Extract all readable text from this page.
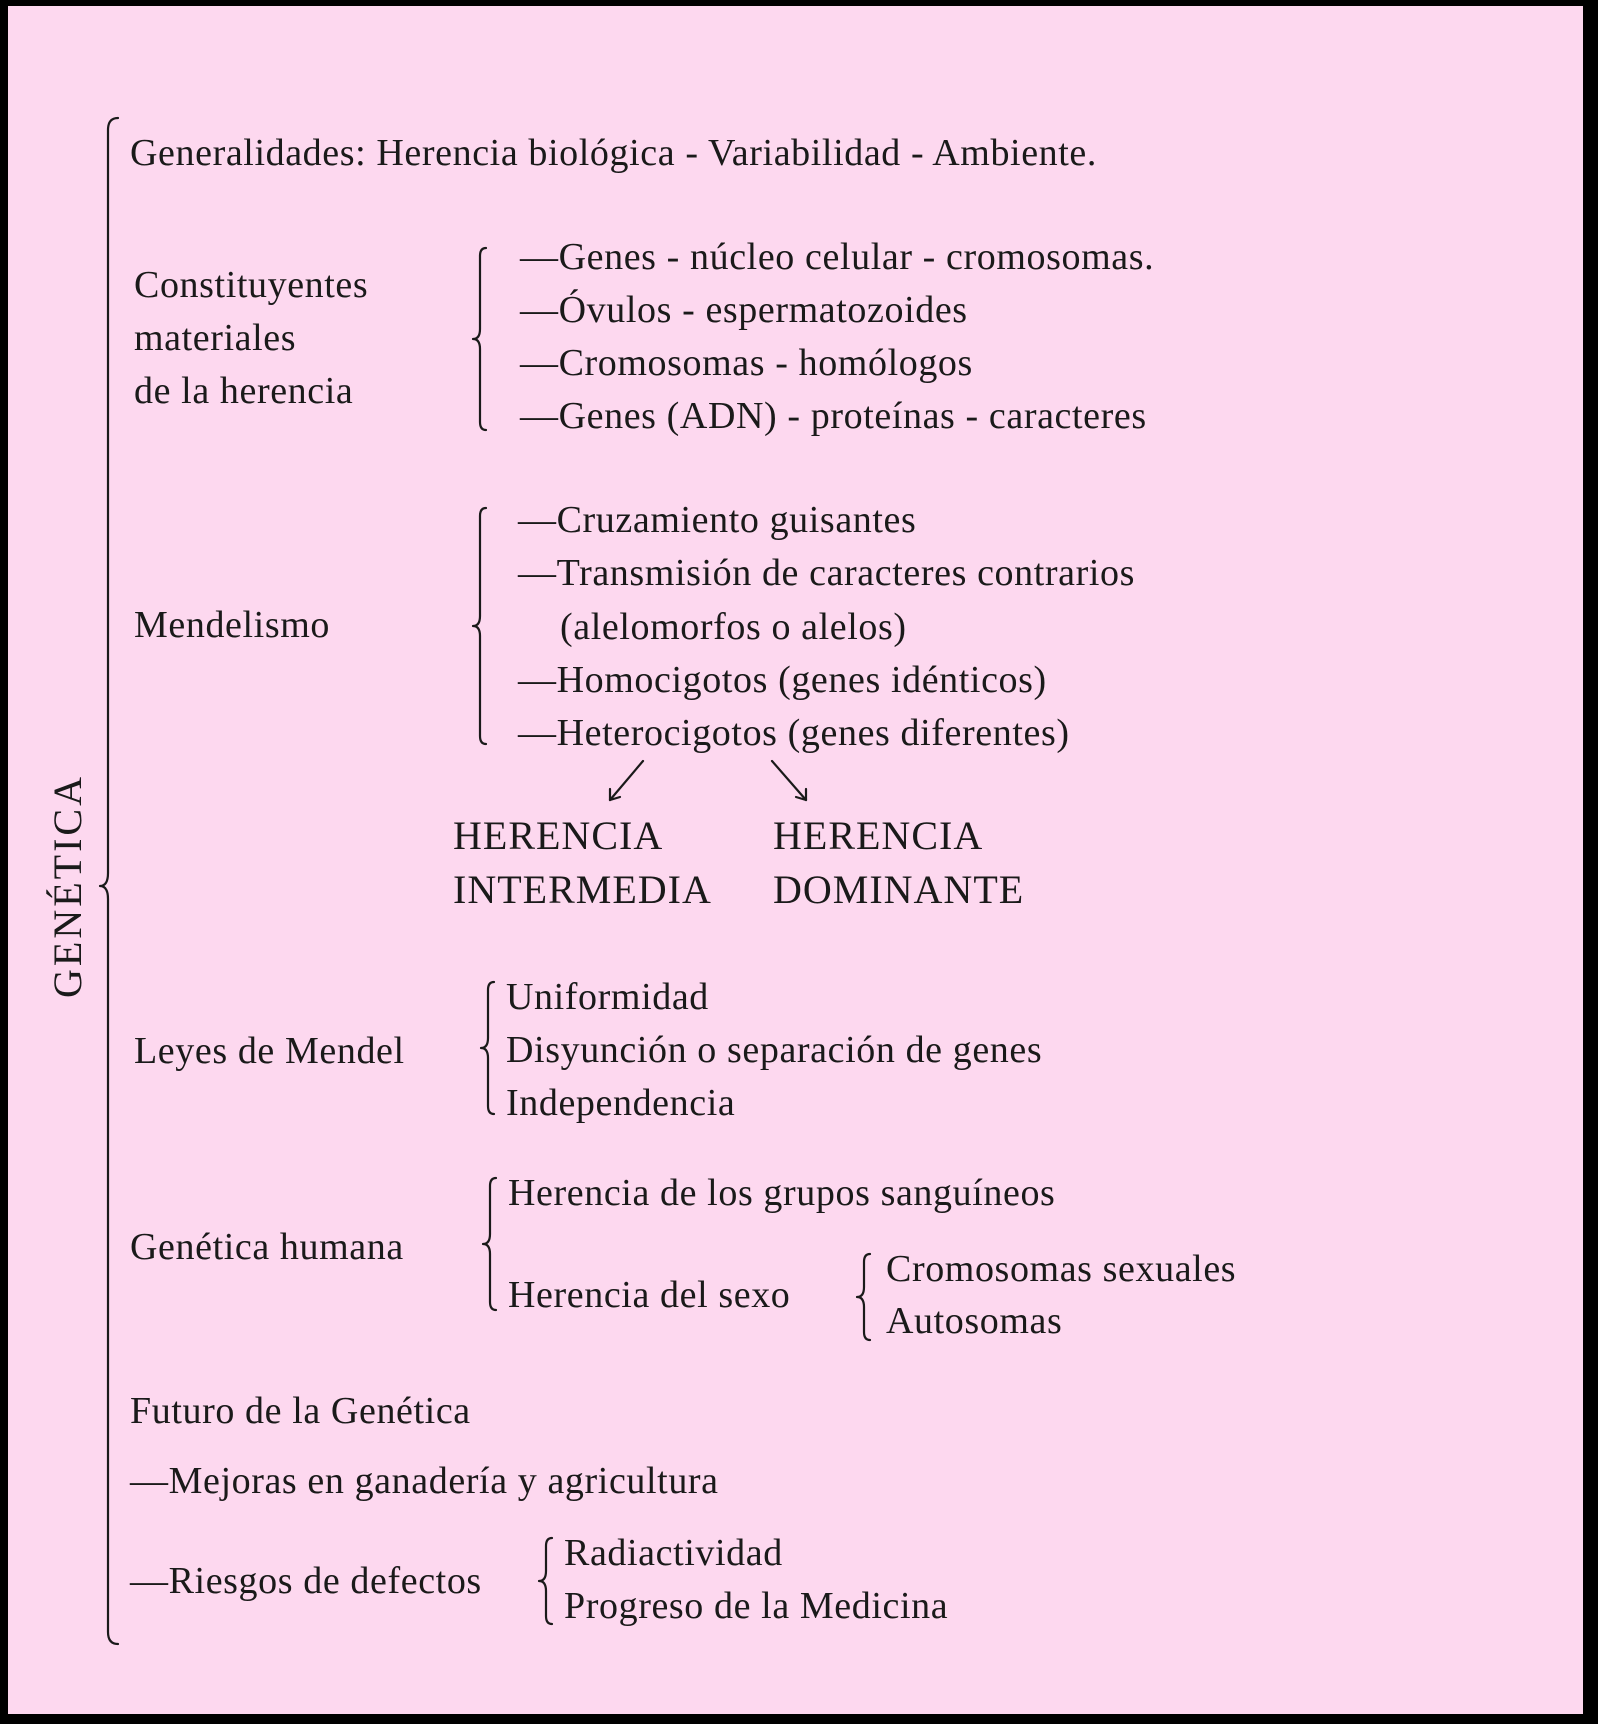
GENÉTICA
Generalidades: Herencia biológica - Variabilidad - Ambiente.
Constituyentes
materiales
de la herencia
—Genes - núcleo celular - cromosomas.
—Óvulos - espermatozoides
—Cromosomas - homólogos
—Genes (ADN) - proteínas - caracteres
Mendelismo
—Cruzamiento guisantes
—Transmisión de caracteres contrarios
(alelomorfos o alelos)
—Homocigotos (genes idénticos)
—Heterocigotos (genes diferentes)
HERENCIA
INTERMEDIA
HERENCIA
DOMINANTE
Leyes de Mendel
Uniformidad
Disyunción o separación de genes
Independencia
Genética humana
Herencia de los grupos sanguíneos
Herencia del sexo
Cromosomas sexuales
Autosomas
Futuro de la Genética
—Mejoras en ganadería y agricultura
—Riesgos de defectos
Radiactividad
Progreso de la Medicina
